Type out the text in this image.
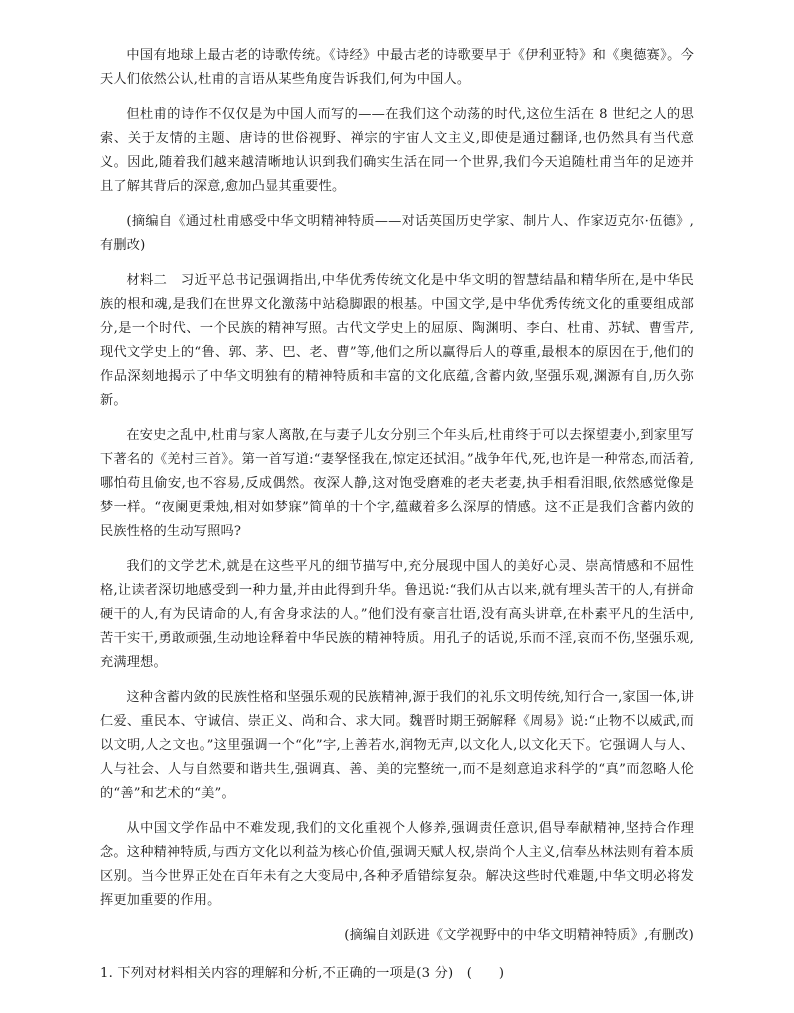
中国有地球上最古老的诗歌传统。《诗经》中最古老的诗歌要早于《伊利亚特》和《奥德赛》。今天人们依然公认,杜甫的言语从某些角度告诉我们,何为中国人。

但杜甫的诗作不仅仅是为中国人而写的——在我们这个动荡的时代,这位生活在 8 世纪之人的思索、关于友情的主题、唐诗的世俗视野、禅宗的宇宙人文主义,即使是通过翻译,也仍然具有当代意义。因此,随着我们越来越清晰地认识到我们确实生活在同一个世界,我们今天追随杜甫当年的足迹并且了解其背后的深意,愈加凸显其重要性。

(摘编自《通过杜甫感受中华文明精神特质——对话英国历史学家、制片人、作家迈克尔·伍德》,有删改)

材料二　习近平总书记强调指出,中华优秀传统文化是中华文明的智慧结晶和精华所在,是中华民族的根和魂,是我们在世界文化激荡中站稳脚跟的根基。中国文学,是中华优秀传统文化的重要组成部分,是一个时代、一个民族的精神写照。古代文学史上的屈原、陶渊明、李白、杜甫、苏轼、曹雪芹,现代文学史上的“鲁、郭、茅、巴、老、曹”等,他们之所以赢得后人的尊重,最根本的原因在于,他们的作品深刻地揭示了中华文明独有的精神特质和丰富的文化底蕴,含蓄内敛,坚强乐观,渊源有自,历久弥新。

在安史之乱中,杜甫与家人离散,在与妻子儿女分别三个年头后,杜甫终于可以去探望妻小,到家里写下著名的《羌村三首》。第一首写道:“妻孥怪我在,惊定还拭泪。”战争年代,死,也许是一种常态,而活着,哪怕苟且偷安,也不容易,反成偶然。夜深人静,这对饱受磨难的老夫老妻,执手相看泪眼,依然感觉像是梦一样。“夜阑更秉烛,相对如梦寐”简单的十个字,蕴藏着多么深厚的情感。这不正是我们含蓄内敛的民族性格的生动写照吗?

我们的文学艺术,就是在这些平凡的细节描写中,充分展现中国人的美好心灵、崇高情感和不屈性格,让读者深切地感受到一种力量,并由此得到升华。鲁迅说:“我们从古以来,就有埋头苦干的人,有拼命硬干的人,有为民请命的人,有舍身求法的人。”他们没有豪言壮语,没有高头讲章,在朴素平凡的生活中,苦干实干,勇敢顽强,生动地诠释着中华民族的精神特质。用孔子的话说,乐而不淫,哀而不伤,坚强乐观,充满理想。

这种含蓄内敛的民族性格和坚强乐观的民族精神,源于我们的礼乐文明传统,知行合一,家国一体,讲仁爱、重民本、守诚信、崇正义、尚和合、求大同。魏晋时期王弼解释《周易》说:“止物不以威武,而以文明,人之文也。”这里强调一个“化”字,上善若水,润物无声,以文化人,以文化天下。它强调人与人、人与社会、人与自然要和谐共生,强调真、善、美的完整统一,而不是刻意追求科学的“真”而忽略人伦的“善”和艺术的“美”。

从中国文学作品中不难发现,我们的文化重视个人修养,强调责任意识,倡导奉献精神,坚持合作理念。这种精神特质,与西方文化以利益为核心价值,强调天赋人权,崇尚个人主义,信奉丛林法则有着本质区别。当今世界正处在百年未有之大变局中,各种矛盾错综复杂。解决这些时代难题,中华文明必将发挥更加重要的作用。

(摘编自刘跃进《文学视野中的中华文明精神特质》,有删改)

1. 下列对材料相关内容的理解和分析,不正确的一项是(3 分)　(　　)
